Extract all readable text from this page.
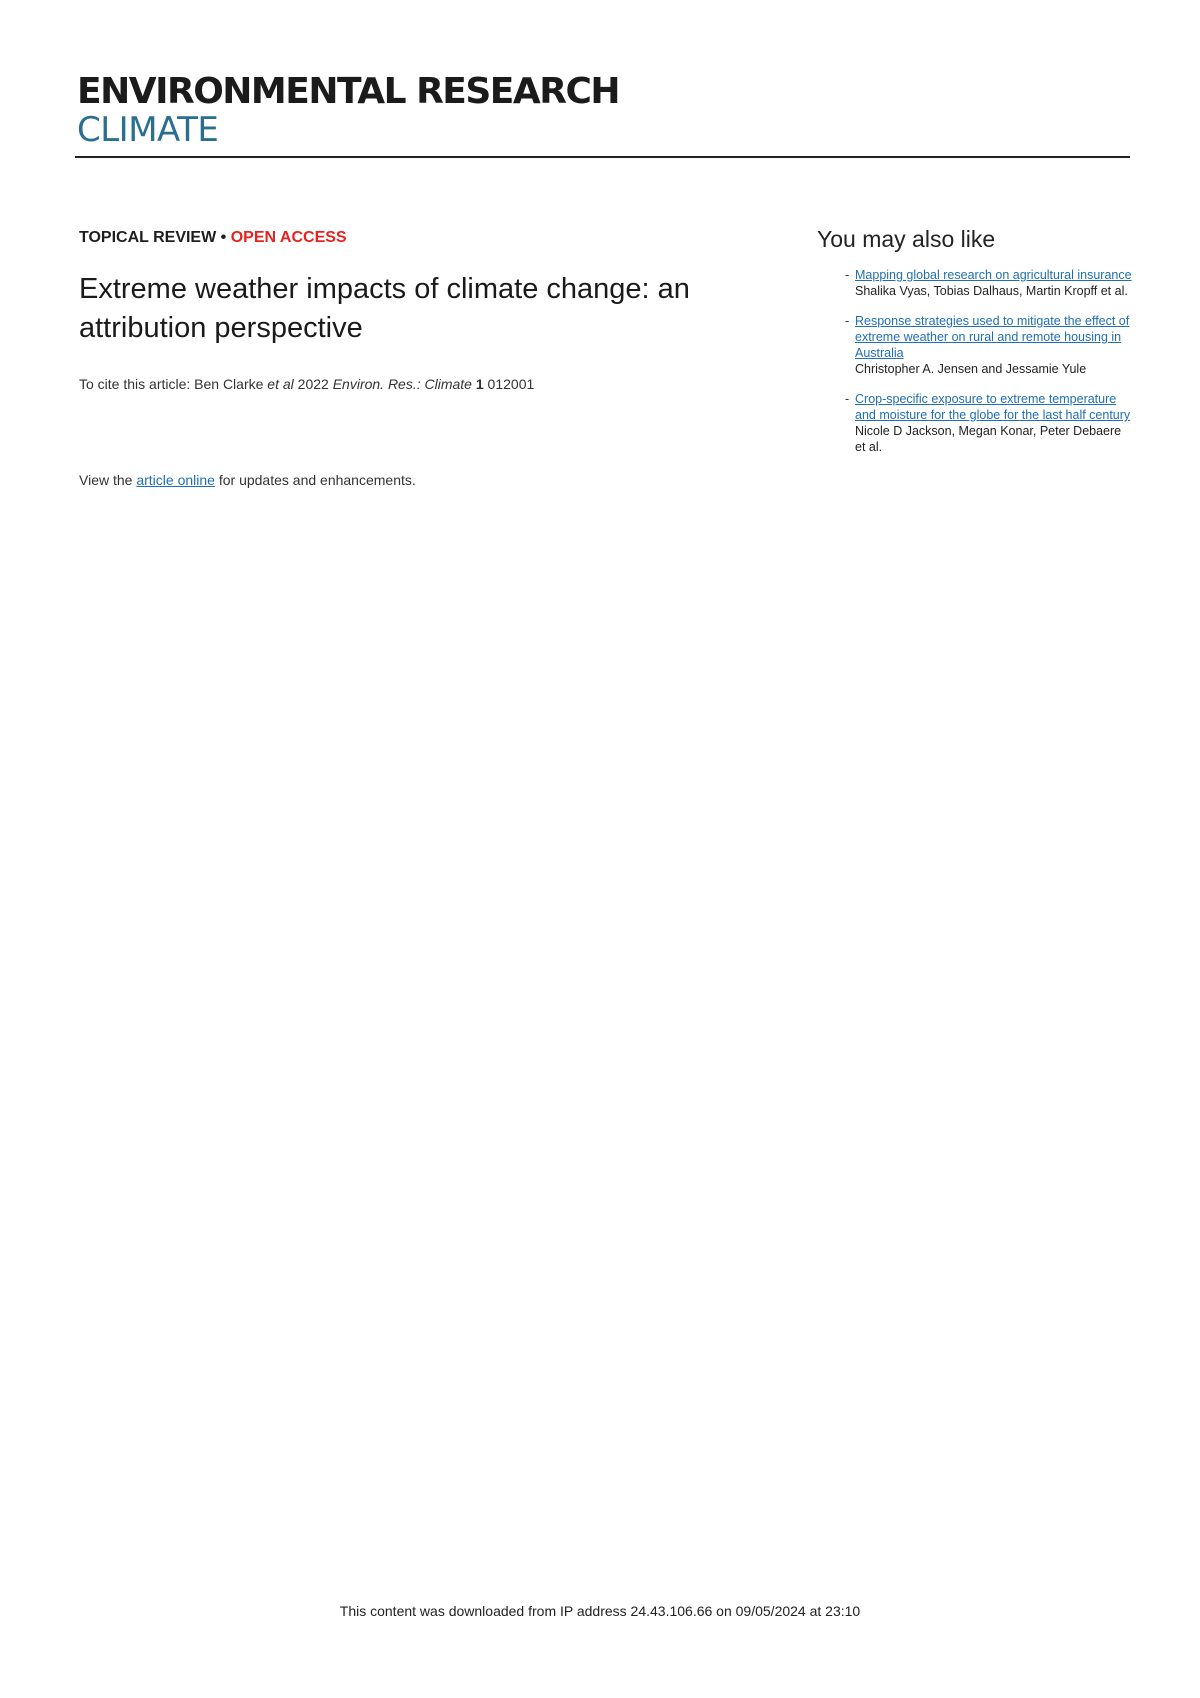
ENVIRONMENTAL RESEARCH
CLIMATE
TOPICAL REVIEW • OPEN ACCESS
Extreme weather impacts of climate change: an attribution perspective
To cite this article: Ben Clarke et al 2022 Environ. Res.: Climate 1 012001
View the article online for updates and enhancements.
You may also like
- Mapping global research on agricultural insurance
Shalika Vyas, Tobias Dalhaus, Martin Kropff et al.
- Response strategies used to mitigate the effect of extreme weather on rural and remote housing in Australia
Christopher A. Jensen and Jessamie Yule
- Crop-specific exposure to extreme temperature and moisture for the globe for the last half century
Nicole D Jackson, Megan Konar, Peter Debaere et al.
This content was downloaded from IP address 24.43.106.66 on 09/05/2024 at 23:10
